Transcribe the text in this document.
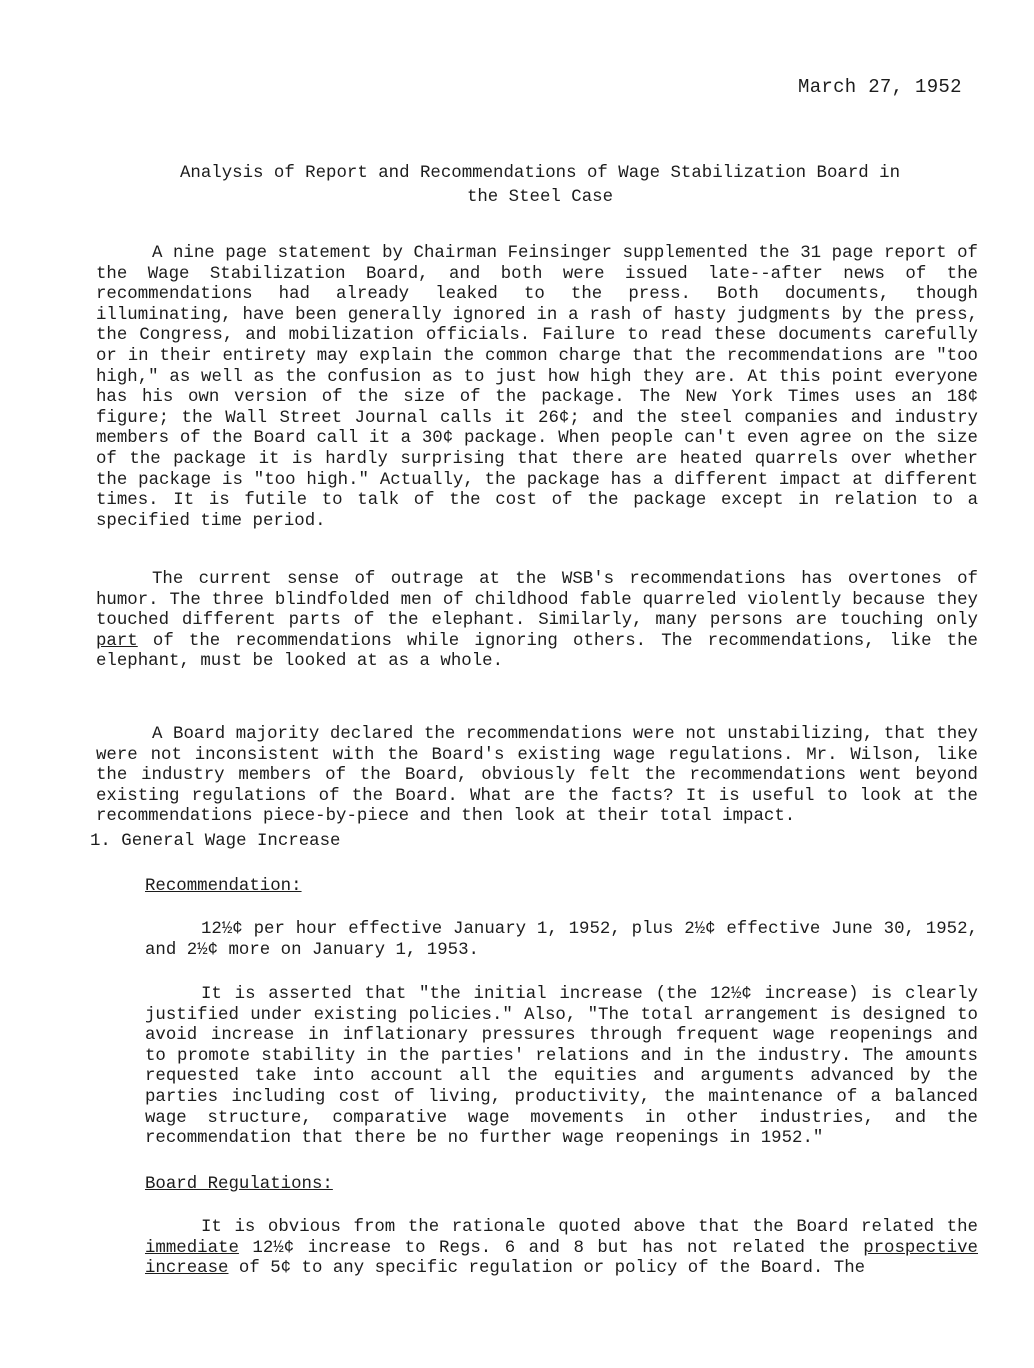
March 27, 1952
Analysis of Report and Recommendations of Wage Stabilization Board in
the Steel Case
A nine page statement by Chairman Feinsinger supplemented the 31 page report of the Wage Stabilization Board, and both were issued late--after news of the recommendations had already leaked to the press. Both documents, though illuminating, have been generally ignored in a rash of hasty judgments by the press, the Congress, and mobilization officials. Failure to read these documents carefully or in their entirety may explain the common charge that the recommendations are "too high," as well as the confusion as to just how high they are. At this point everyone has his own version of the size of the package. The New York Times uses an 18¢ figure; the Wall Street Journal calls it 26¢; and the steel companies and industry members of the Board call it a 30¢ package. When people can't even agree on the size of the package it is hardly surprising that there are heated quarrels over whether the package is "too high." Actually, the package has a different impact at different times. It is futile to talk of the cost of the package except in relation to a specified time period.
The current sense of outrage at the WSB's recommendations has overtones of humor. The three blindfolded men of childhood fable quarreled violently because they touched different parts of the elephant. Similarly, many persons are touching only part of the recommendations while ignoring others. The recommendations, like the elephant, must be looked at as a whole.
A Board majority declared the recommendations were not unstabilizing, that they were not inconsistent with the Board's existing wage regulations. Mr. Wilson, like the industry members of the Board, obviously felt the recommendations went beyond existing regulations of the Board. What are the facts? It is useful to look at the recommendations piece-by-piece and then look at their total impact.
1. General Wage Increase
Recommendation:
12½¢ per hour effective January 1, 1952, plus 2½¢ effective June 30, 1952, and 2½¢ more on January 1, 1953.
It is asserted that "the initial increase (the 12½¢ increase) is clearly justified under existing policies." Also, "The total arrangement is designed to avoid increase in inflationary pressures through frequent wage reopenings and to promote stability in the parties' relations and in the industry. The amounts requested take into account all the equities and arguments advanced by the parties including cost of living, productivity, the maintenance of a balanced wage structure, comparative wage movements in other industries, and the recommendation that there be no further wage reopenings in 1952."
Board Regulations:
It is obvious from the rationale quoted above that the Board related the immediate 12½¢ increase to Regs. 6 and 8 but has not related the prospective increase of 5¢ to any specific regulation or policy of the Board. The
